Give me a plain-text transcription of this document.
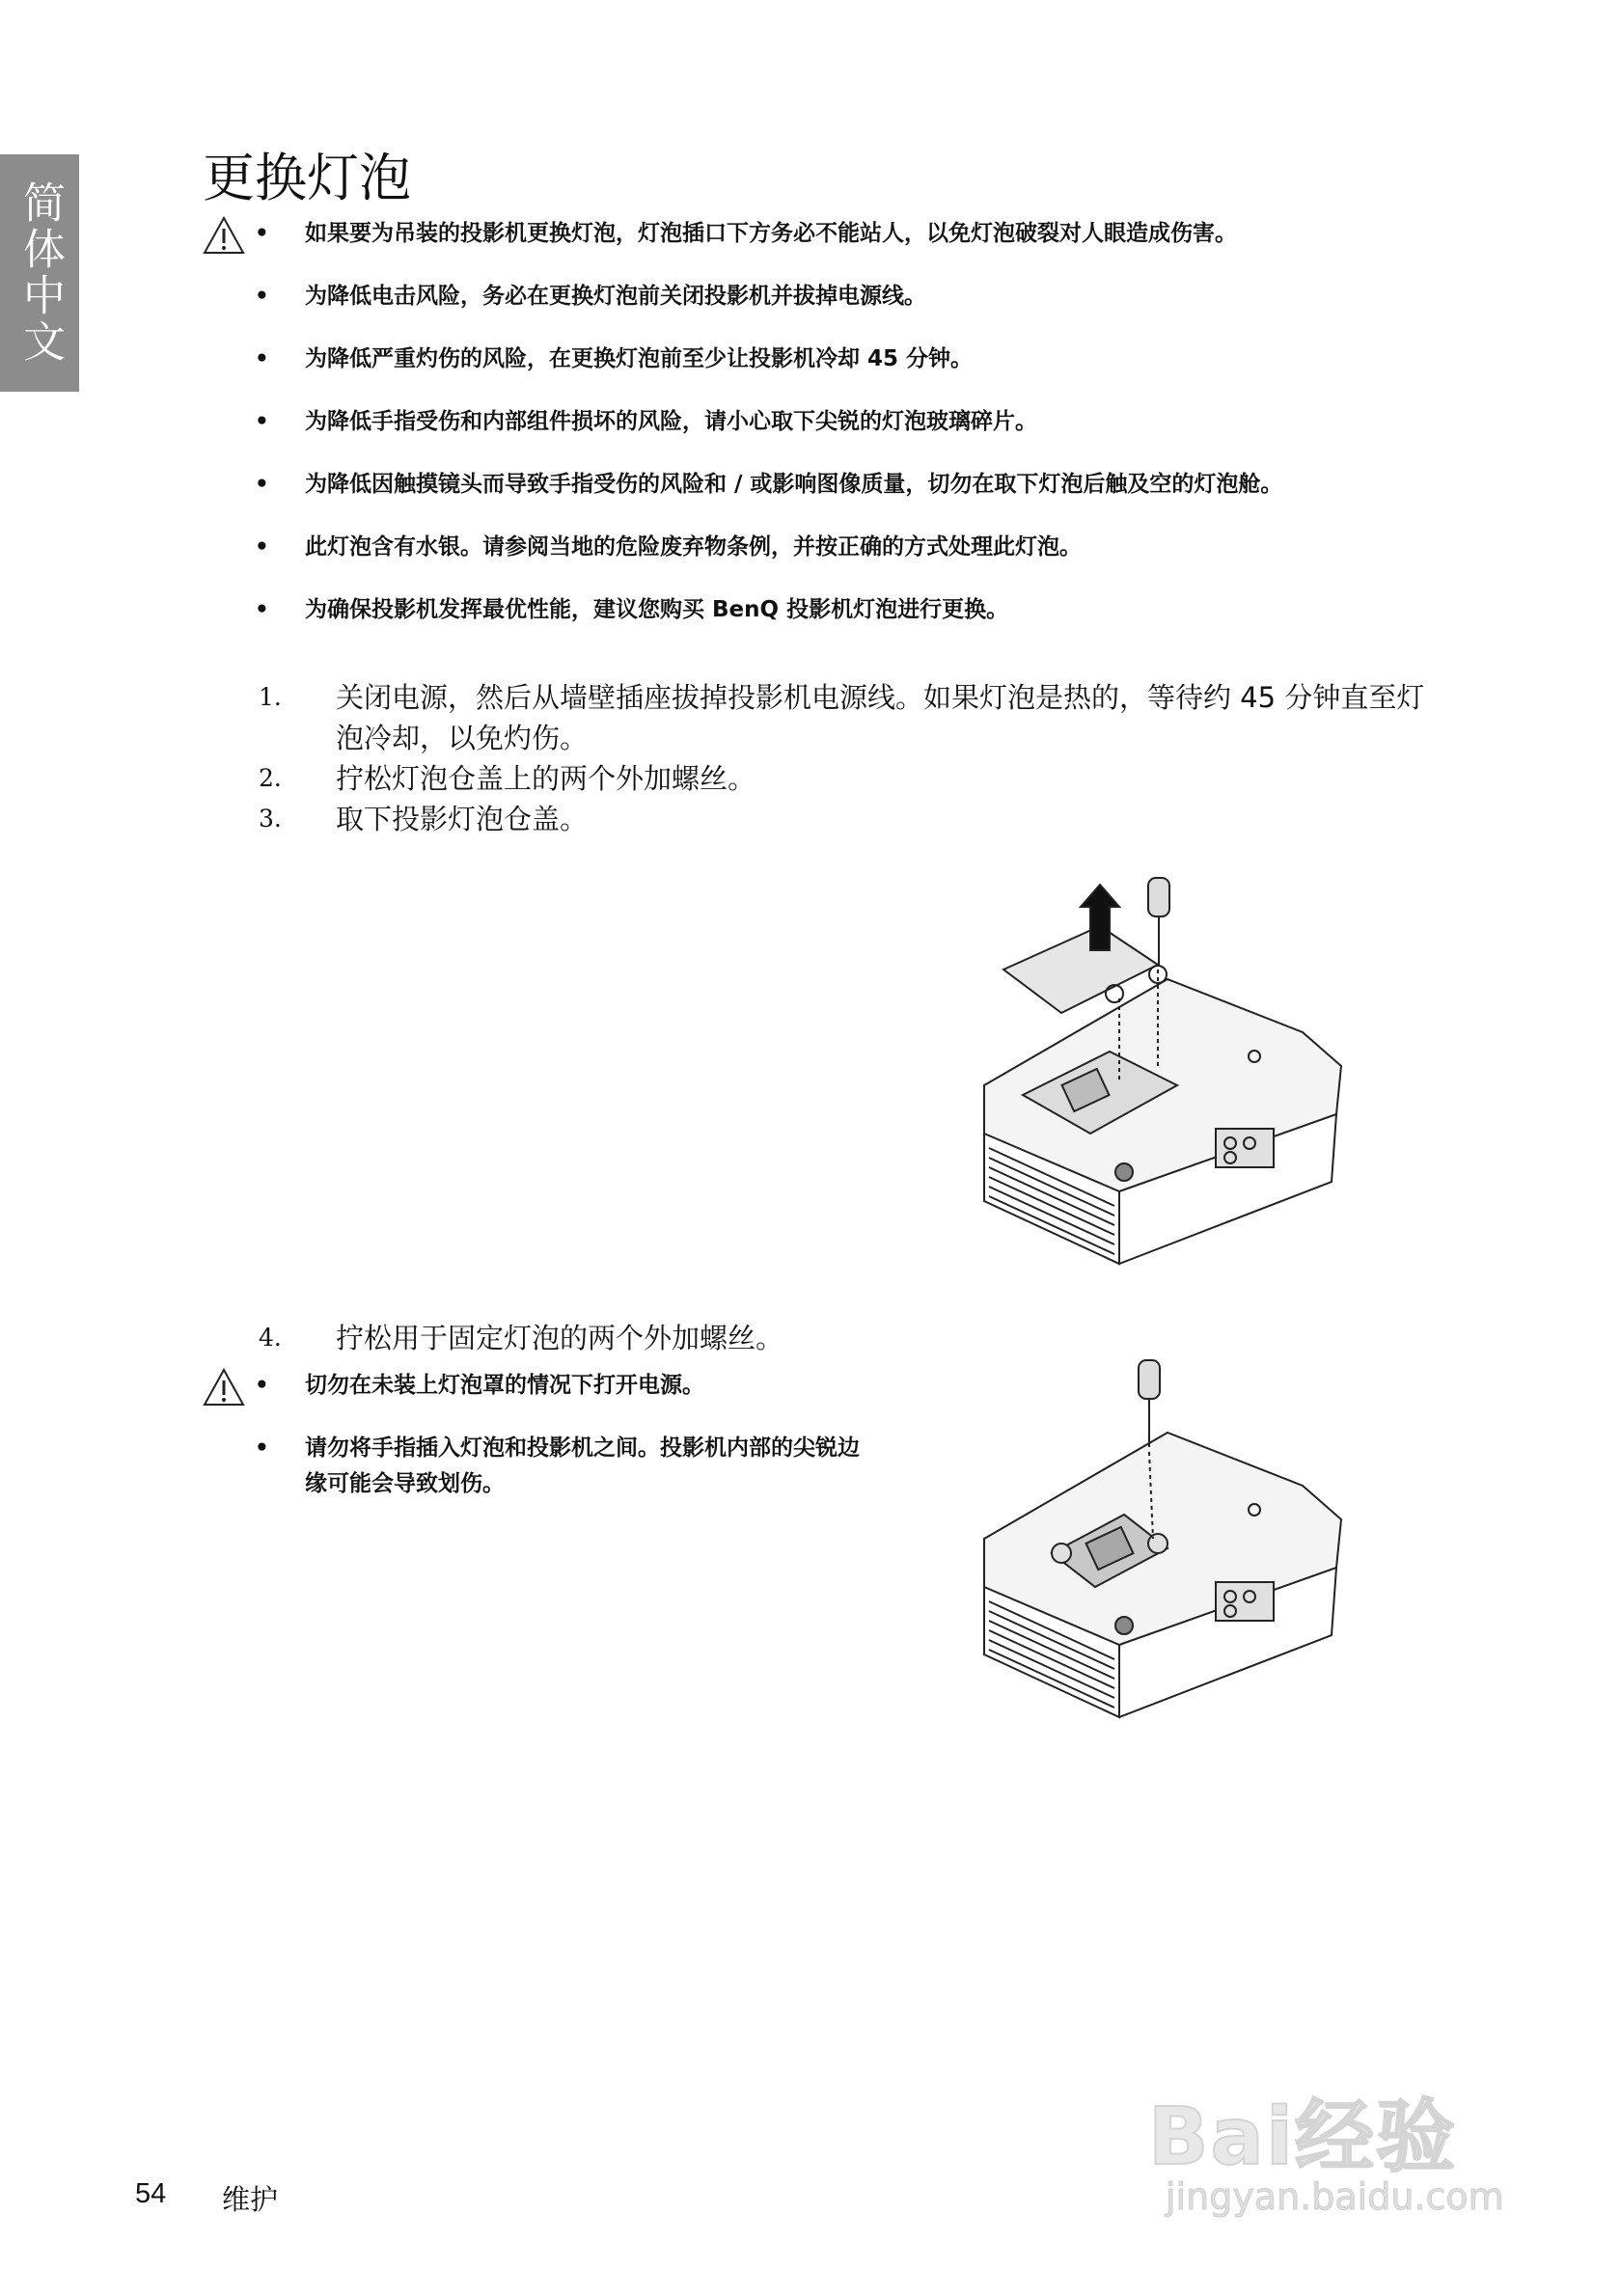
简体中文
更换灯泡
• 如果要为吊装的投影机更换灯泡，灯泡插口下方务必不能站人，以免灯泡破裂对人眼造成伤害。
• 为降低电击风险，务必在更换灯泡前关闭投影机并拔掉电源线。
• 为降低严重灼伤的风险，在更换灯泡前至少让投影机冷却 45 分钟。
• 为降低手指受伤和内部组件损坏的风险，请小心取下尖锐的灯泡玻璃碎片。
• 为降低因触摸镜头而导致手指受伤的风险和 / 或影响图像质量，切勿在取下灯泡后触及空的灯泡舱。
• 此灯泡含有水银。请参阅当地的危险废弃物条例，并按正确的方式处理此灯泡。
• 为确保投影机发挥最优性能，建议您购买 BenQ 投影机灯泡进行更换。
1. 关闭电源，然后从墙壁插座拔掉投影机电源线。如果灯泡是热的，等待约 45 分钟直至灯泡冷却，以免灼伤。
2. 拧松灯泡仓盖上的两个外加螺丝。
3. 取下投影灯泡仓盖。
4. 拧松用于固定灯泡的两个外加螺丝。
• 切勿在未装上灯泡罩的情况下打开电源。
• 请勿将手指插入灯泡和投影机之间。投影机内部的尖锐边缘可能会导致划伤。
54 维护
Bai经验
jingyan.baidu.com
